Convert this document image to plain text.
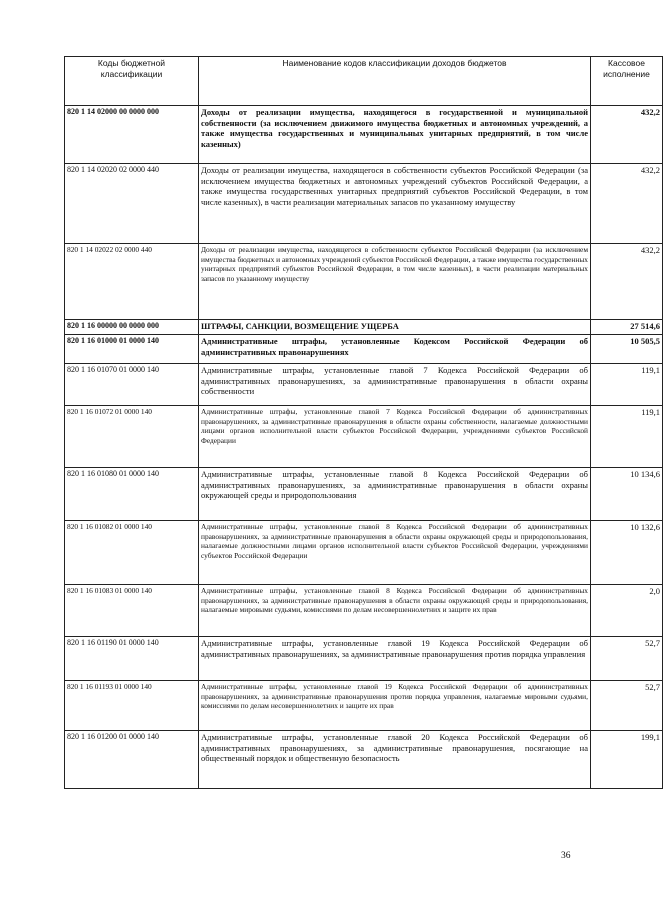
Коды бюджетной классификации	Наименование кодов классификации доходов бюджетов	Кассовое исполнение
820 1 14 02000 00 0000 000	Доходы от реализации имущества, находящегося в государственной и муниципальной собственности (за исключением движимого имущества бюджетных и автономных учреждений, а также имущества государственных и муниципальных унитарных предприятий, в том числе казенных)	432,2
820 1 14 02020 02 0000 440	Доходы от реализации имущества, находящегося в собственности субъектов Российской Федерации (за исключением имущества бюджетных и автономных учреждений субъектов Российской Федерации, а также имущества государственных унитарных предприятий субъектов Российской Федерации, в том числе казенных), в части реализации материальных запасов по указанному имуществу	432,2
820 1 14 02022 02 0000 440	Доходы от реализации имущества, находящегося в собственности субъектов Российской Федерации (за исключением имущества бюджетных и автономных учреждений субъектов Российской Федерации, а также имущества государственных унитарных предприятий субъектов Российской Федерации, в том числе казенных), в части реализации материальных запасов по указанному имуществу	432,2
820 1 16 00000 00 0000 000	ШТРАФЫ, САНКЦИИ, ВОЗМЕЩЕНИЕ УЩЕРБА	27 514,6
820 1 16 01000 01 0000 140	Административные штрафы, установленные Кодексом Российской Федерации об административных правонарушениях	10 505,5
820 1 16 01070 01 0000 140	Административные штрафы, установленные главой 7 Кодекса Российской Федерации об административных правонарушениях, за административные правонарушения в области охраны собственности	119,1
820 1 16 01072 01 0000 140	Административные штрафы, установленные главой 7 Кодекса Российской Федерации об административных правонарушениях, за административные правонарушения в области охраны собственности, налагаемые должностными лицами органов исполнительной власти субъектов Российской Федерации, учреждениями субъектов Российской Федерации	119,1
820 1 16 01080 01 0000 140	Административные штрафы, установленные главой 8 Кодекса Российской Федерации об административных правонарушениях, за административные правонарушения в области охраны окружающей среды и природопользования	10 134,6
820 1 16 01082 01 0000 140	Административные штрафы, установленные главой 8 Кодекса Российской Федерации об административных правонарушениях, за административные правонарушения в области охраны окружающей среды и природопользования, налагаемые должностными лицами органов исполнительной власти субъектов Российской Федерации, учреждениями субъектов Российской Федерации	10 132,6
820 1 16 01083 01 0000 140	Административные штрафы, установленные главой 8 Кодекса Российской Федерации об административных правонарушениях, за административные правонарушения в области охраны окружающей среды и природопользования, налагаемые мировыми судьями, комиссиями по делам несовершеннолетних и защите их прав	2,0
820 1 16 01190 01 0000 140	Административные штрафы, установленные главой 19 Кодекса Российской Федерации об административных правонарушениях, за административные правонарушения против порядка управления	52,7
820 1 16 01193 01 0000 140	Административные штрафы, установленные главой 19 Кодекса Российской Федерации об административных правонарушениях, за административные правонарушения против порядка управления, налагаемые мировыми судьями, комиссиями по делам несовершеннолетних и защите их прав	52,7
820 1 16 01200 01 0000 140	Административные штрафы, установленные главой 20 Кодекса Российской Федерации об административных правонарушениях, за административные правонарушения, посягающие на общественный порядок и общественную безопасность	199,1
36
